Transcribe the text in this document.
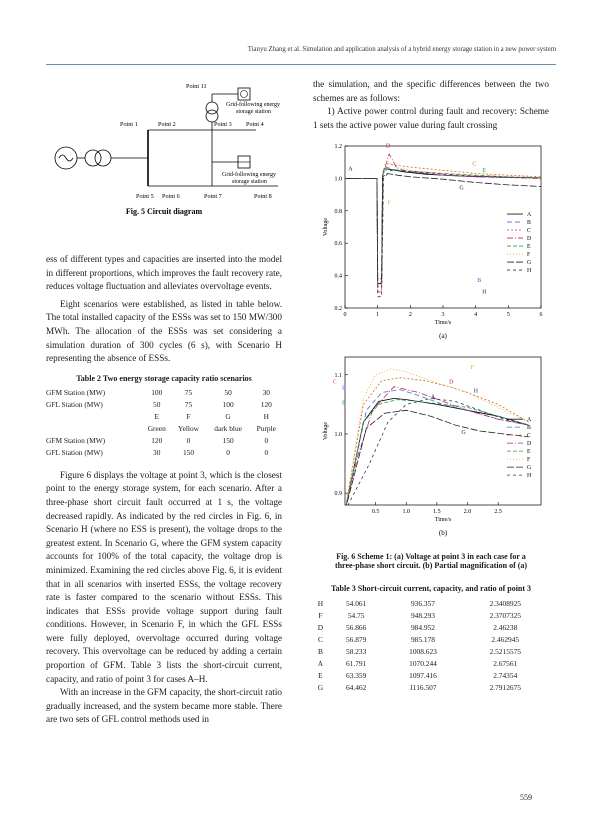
Tianyu Zhang et al. Simulation and application analysis of a hybrid energy storage station in a new power system
Point 1	Point 2	Point 3 Point 4
Point 11
Grid-following energy
storage station
Grid-following energy
storage station
Point 5 Point 6	Point 7	Point 8
Fig. 5 Circuit diagram

ess of different types and capacities are inserted into the model in different proportions, which improves the fault recovery rate, reduces voltage fluctuation and alleviates overvoltage events.

Eight scenarios were established, as listed in table below. The total installed capacity of the ESSs was set to 150 MW/300 MWh. The allocation of the ESSs was set considering a simulation duration of 300 cycles (6 s), with Scenario H representing the absence of ESSs.

Table 2 Two energy storage capacity ratio scenarios
GFM Station (MW)	100	75	50	30
GFL Station (MW)	50	75	100	120
	E	F	G	H
	Green	Yellow	dark blue	Purple
GFM Station (MW)	120	0	150	0
GFL Station (MW)	30	150	0	0

Figure 6 displays the voltage at point 3, which is the closest point to the energy storage system, for each scenario. After a three-phase short circuit fault occurred at 1 s, the voltage decreased rapidly. As indicated by the red circles in Fig. 6, in Scenario H (where no ESS is present), the voltage drops to the greatest extent. In Scenario G, where the GFM system capacity accounts for 100% of the total capacity, the voltage drop is minimized. Examining the red circles above Fig. 6, it is evident that in all scenarios with inserted ESSs, the voltage recovery rate is faster compared to the scenario without ESSs. This indicates that ESSs provide voltage support during fault conditions. However, in Scenario F, in which the GFL ESSs were fully deployed, overvoltage occurred during voltage recovery. This overvoltage can be reduced by adding a certain proportion of GFM. Table 3 lists the short-circuit current, capacity, and ratio of point 3 for cases A–H.

With an increase in the GFM capacity, the short-circuit ratio gradually increased, and the system became more stable. There are two sets of GFL control methods used in

the simulation, and the specific differences between the two schemes are as follows:

1) Active power control during fault and recovery: Scheme 1 sets the active power value during fault crossing

0	1	2	3	4	5	6
0.2
0.4
0.6
0.8
1.0
1.2
Voltage
Time/s
(a)
A
B
C
D
E
F
G
H
A
B
C
D
E
F
G
H

0.5	1.0	1.5	2.0	2.5
0.9
1.0
1.1
Voltage
Time/s
(b)
A
B
C
D
E
F
G
H
A
B
C	D
E
F
G
H
Fig. 6 Scheme 1: (a) Voltage at point 3 in each case for a
three-phase short circuit. (b) Partial magnification of (a)
Table 3 Short-circuit current, capacity, and ratio of point 3
H	54.061	936.357	2.3408925
F	54.75	948.293	2.3707325
D	56.866	984.952	2.46238
C	56.879	985.178	2.462945
B	58.233	1008.623	2.5215575
A	61.791	1070.244	2.67561
E	63.359	1097.416	2.74354
G	64.462	1116.507	2.7912675
559
